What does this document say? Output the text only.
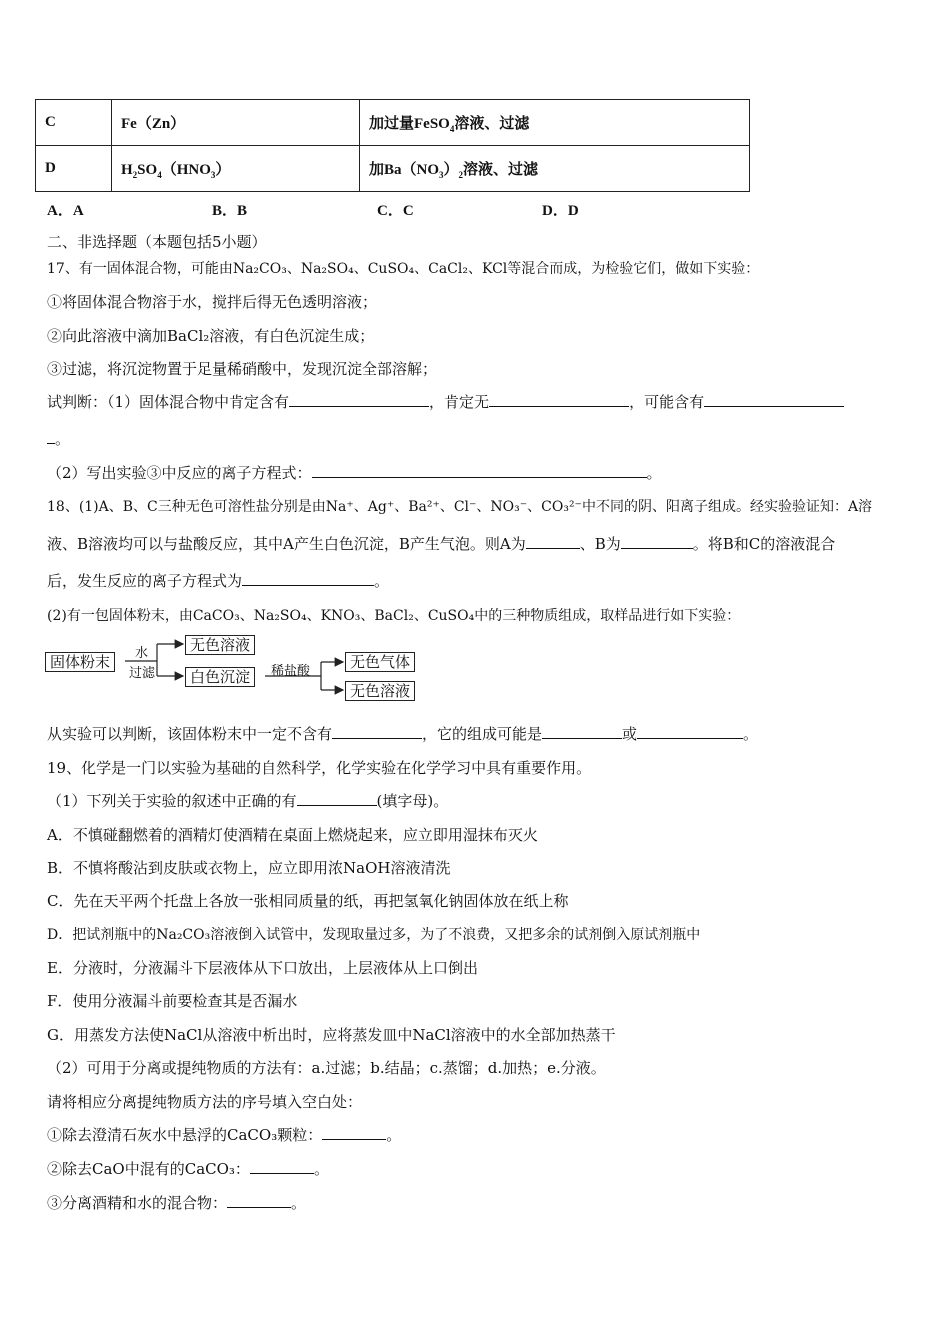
C	Fe（Zn）	加过量FeSO$_4$溶液、过滤
D	$H_2SO_4(HNO_3)$	加$Ba(NO_3)_2$溶液、过滤
A．A	B．B	C．C	D．D
二、非选择题（本题包括5小题）
17、有一固体混合物，可能由Na₂CO₃、Na₂SO₄、CuSO₄、CaCl₂、KCl等混合而成，为检验它们，做如下实验：
①将固体混合物溶于水，搅拌后得无色透明溶液；
②向此溶液中滴加BaCl₂溶液，有白色沉淀生成；
③过滤，将沉淀物置于足量稀硝酸中，发现沉淀全部溶解；
试判断：（1）固体混合物中肯定含有	，肯定无	，可能含有
。
（2）写出实验③中反应的离子方程式：	。
18、(1)A、B、C三种无色可溶性盐分别是由Na⁺、Ag⁺、Ba²⁺、Cl⁻、NO₃⁻、CO₃²⁻中不同的阴、阳离子组成。经实验验证知：A溶
液、B溶液均可以与盐酸反应，其中A产生白色沉淀，B产生气泡。则A为	、B为	。将B和C的溶液混合
后，发生反应的离子方程式为	。
(2)有一包固体粉末，由CaCO₃、Na₂SO₄、KNO₃、BaCl₂、CuSO₄中的三种物质组成，取样品进行如下实验：
固体粉末	水
过滤
无色溶液
白色沉淀	稀盐酸
无色气体
无色溶液
从实验可以判断，该固体粉末中一定不含有	，它的组成可能是	或	。
19、化学是一门以实验为基础的自然科学，化学实验在化学学习中具有重要作用。
（1）下列关于实验的叙述中正确的有	(填字母)。
A．不慎碰翻燃着的酒精灯使酒精在桌面上燃烧起来，应立即用湿抹布灭火
B．不慎将酸沾到皮肤或衣物上，应立即用浓NaOH溶液清洗
C．先在天平两个托盘上各放一张相同质量的纸，再把氢氧化钠固体放在纸上称
D．把试剂瓶中的Na₂CO₃溶液倒入试管中，发现取量过多，为了不浪费，又把多余的试剂倒入原试剂瓶中
E．分液时，分液漏斗下层液体从下口放出，上层液体从上口倒出
F．使用分液漏斗前要检查其是否漏水
G．用蒸发方法使NaCl从溶液中析出时，应将蒸发皿中NaCl溶液中的水全部加热蒸干
（2）可用于分离或提纯物质的方法有：a.过滤；b.结晶；c.蒸馏；d.加热；e.分液。
请将相应分离提纯物质方法的序号填入空白处：
①除去澄清石灰水中悬浮的CaCO₃颗粒：	。
②除去CaO中混有的CaCO₃：	。
③分离酒精和水的混合物：	。
